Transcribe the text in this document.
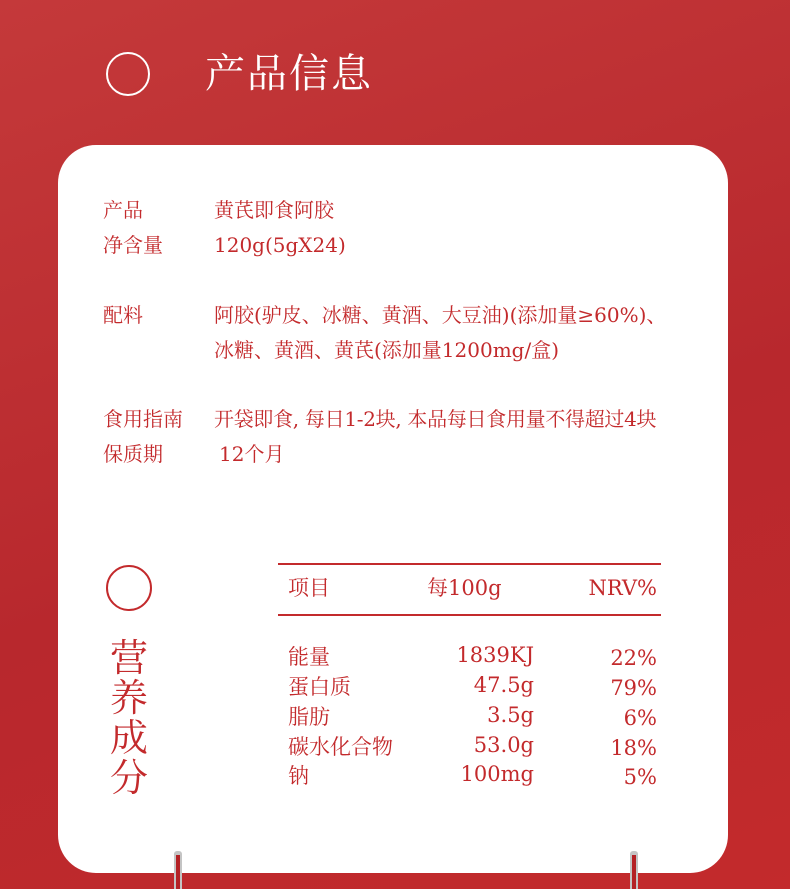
产品信息
产品	黄芪即食阿胶
净含量	120g(5gX24)
配料	阿胶(驴皮、冰糖、黄酒、大豆油)(添加量≥60%)、
冰糖、黄酒、黄芪(添加量1200mg/盒)
食用指南 开袋即食, 每日1-2块, 本品每日食用量不得超过4块
保质期	12个月
营养成分
项目	每100g	NRV%
能量	1839KJ	22%
蛋白质	47.5g	79%
脂肪	3.5g	6%
碳水化合物	53.0g	18%
钠	100mg	5%
